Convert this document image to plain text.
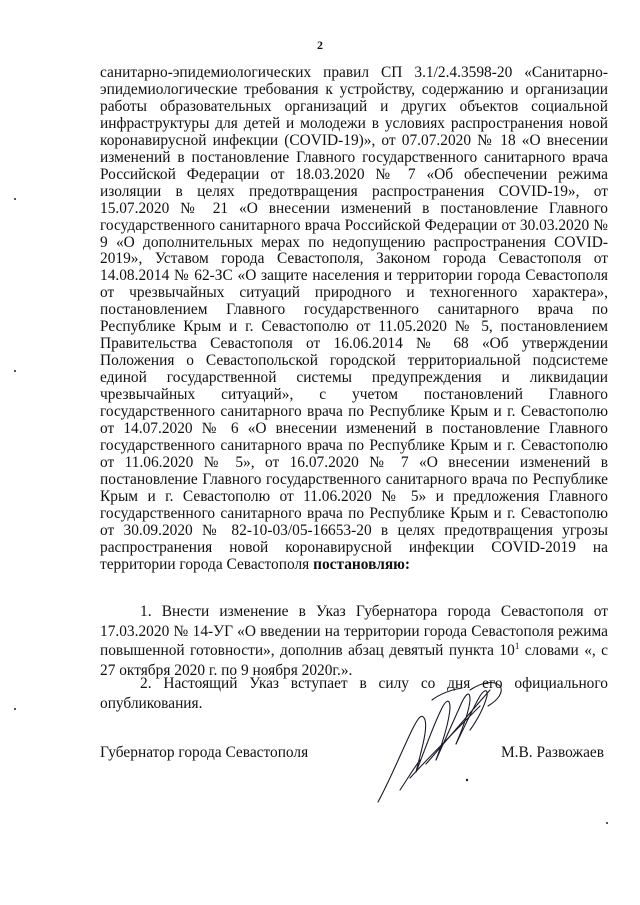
2

санитарно-эпидемиологических правил СП 3.1/2.4.3598-20 «Санитарно-эпидемиологические требования к устройству, содержанию и организации работы образовательных организаций и других объектов социальной инфраструктуры для детей и молодежи в условиях распространения новой коронавирусной инфекции (COVID-19)», от 07.07.2020 № 18 «О внесении изменений в постановление Главного государственного санитарного врача Российской Федерации от 18.03.2020 № 7 «Об обеспечении режима изоляции в целях предотвращения распространения COVID-19», от 15.07.2020 № 21 «О внесении изменений в постановление Главного государственного санитарного врача Российской Федерации от 30.03.2020 № 9 «О дополнительных мерах по недопущению распространения COVID-2019», Уставом города Севастополя, Законом города Севастополя от 14.08.2014 № 62-ЗС «О защите населения и территории города Севастополя от чрезвычайных ситуаций природного и техногенного характера», постановлением Главного государственного санитарного врача по Республике Крым и г. Севастополю от 11.05.2020 № 5, постановлением Правительства Севастополя от 16.06.2014 № 68 «Об утверждении Положения о Севастопольской городской территориальной подсистеме единой государственной системы предупреждения и ликвидации чрезвычайных ситуаций», с учетом постановлений Главного государственного санитарного врача по Республике Крым и г. Севастополю от 14.07.2020 № 6 «О внесении изменений в постановление Главного государственного санитарного врача по Республике Крым и г. Севастополю от 11.06.2020 № 5», от 16.07.2020 № 7 «О внесении изменений в постановление Главного государственного санитарного врача по Республике Крым и г. Севастополю от 11.06.2020 № 5» и предложения Главного государственного санитарного врача по Республике Крым и г. Севастополю от 30.09.2020 № 82-10-03/05-16653-20 в целях предотвращения угрозы распространения новой коронавирусной инфекции COVID-2019 на территории города Севастополя постановляю:

1. Внести изменение в Указ Губернатора города Севастополя от 17.03.2020 № 14-УГ «О введении на территории города Севастополя режима повышенной готовности», дополнив абзац девятый пункта $10^1$ словами «, с 27 октября 2020 г. по 9 ноября 2020г.».

2. Настоящий Указ вступает в силу со дня его официального опубликования.

Губернатор города Севастополя	М.В. Развожаев
